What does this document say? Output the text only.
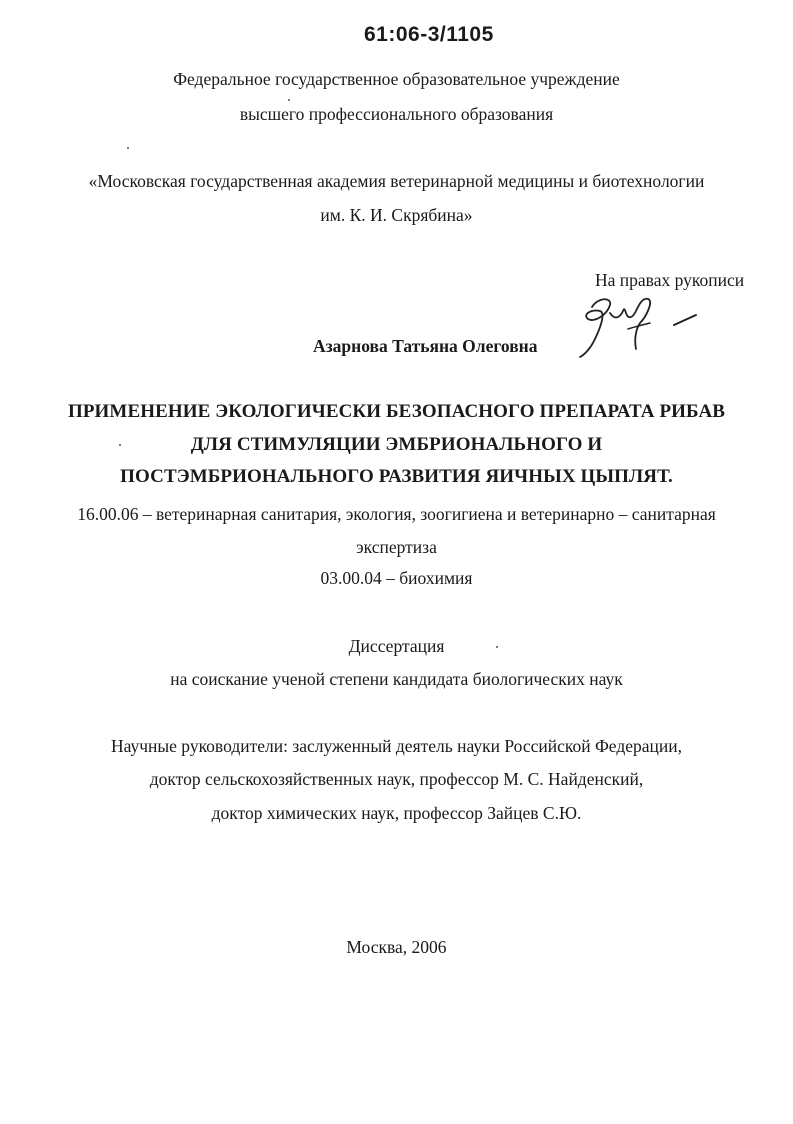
61:06-3/1105
Федеральное государственное образовательное учреждение
высшего профессионального образования
«Московская государственная академия ветеринарной медицины и биотехнологии
им. К. И. Скрябина»
На правах рукописи
Азарнова Татьяна Олеговна
ПРИМЕНЕНИЕ ЭКОЛОГИЧЕСКИ БЕЗОПАСНОГО ПРЕПАРАТА РИБАВ
ДЛЯ СТИМУЛЯЦИИ ЭМБРИОНАЛЬНОГО И
ПОСТЭМБРИОНАЛЬНОГО РАЗВИТИЯ ЯИЧНЫХ ЦЫПЛЯТ.
16.00.06 – ветеринарная санитария, экология, зоогигиена и ветеринарно – санитарная
экспертиза
03.00.04 – биохимия
Диссертация
на соискание ученой степени кандидата биологических наук
Научные руководители: заслуженный деятель науки Российской Федерации,
доктор сельскохозяйственных наук, профессор М. С. Найденский,
доктор химических наук, профессор Зайцев С.Ю.
Москва, 2006
